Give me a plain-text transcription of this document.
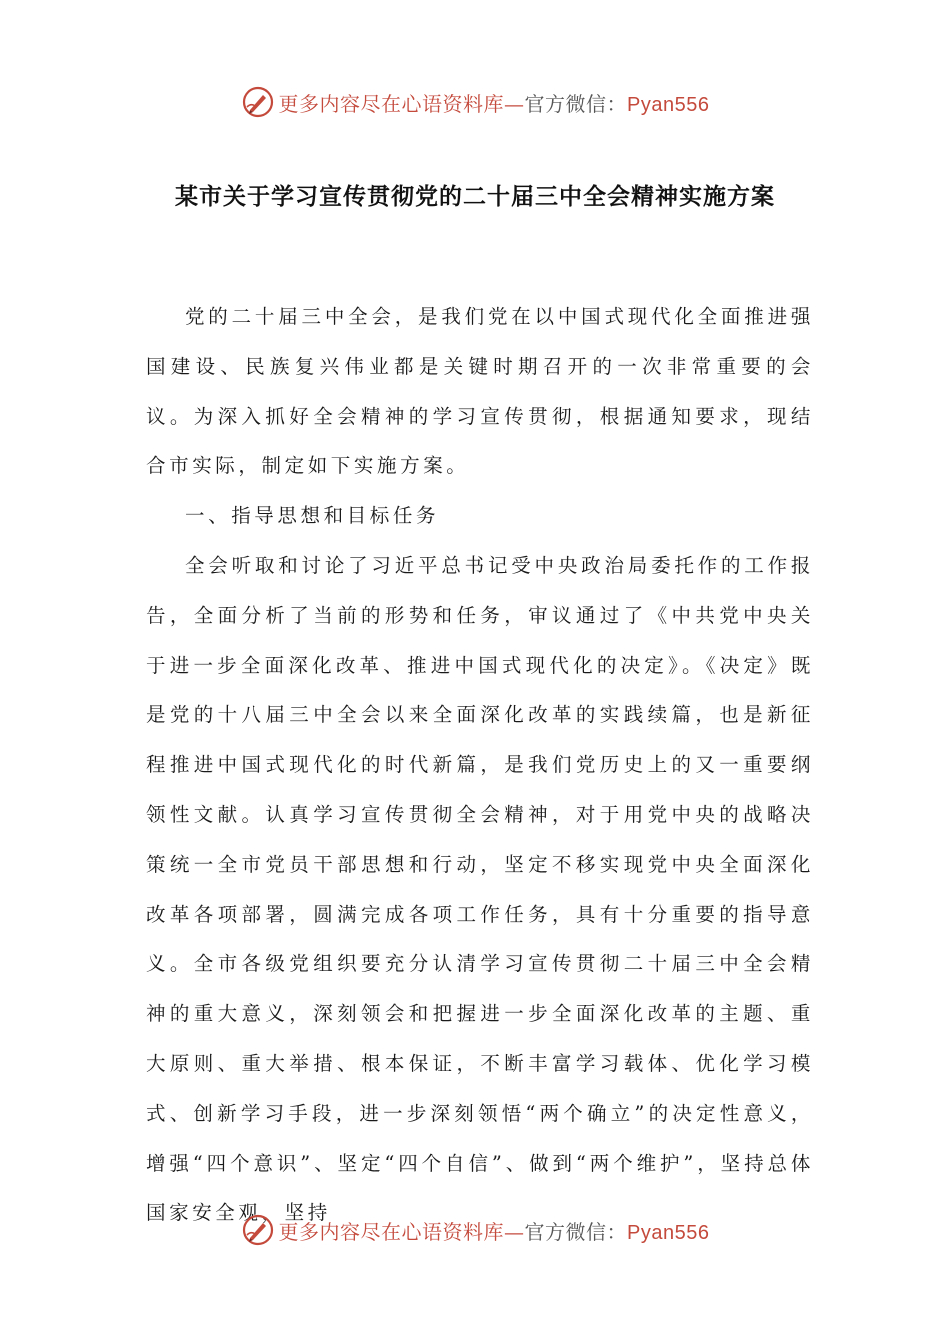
更多内容尽在心语资料库—官方微信：Pyan556
某市关于学习宣传贯彻党的二十届三中全会精神实施方案

党的二十届三中全会，是我们党在以中国式现代化全面推进强国建设、民族复兴伟业都是关键时期召开的一次非常重要的会议。为深入抓好全会精神的学习宣传贯彻，根据通知要求，现结合市实际，制定如下实施方案。

一、指导思想和目标任务

全会听取和讨论了习近平总书记受中央政治局委托作的工作报告，全面分析了当前的形势和任务，审议通过了《中共党中央关于进一步全面深化改革、推进中国式现代化的决定》。《决定》既是党的十八届三中全会以来全面深化改革的实践续篇，也是新征程推进中国式现代化的时代新篇，是我们党历史上的又一重要纲领性文献。认真学习宣传贯彻全会精神，对于用党中央的战略决策统一全市党员干部思想和行动，坚定不移实现党中央全面深化改革各项部署，圆满完成各项工作任务，具有十分重要的指导意义。全市各级党组织要充分认清学习宣传贯彻二十届三中全会精神的重大意义，深刻领会和把握进一步全面深化改革的主题、重大原则、重大举措、根本保证，不断丰富学习载体、优化学习模式、创新学习手段，进一步深刻领悟“两个确立”的决定性意义，增强“四个意识”、坚定“四个自信”、做到“两个维护”，坚持总体国家安全观，坚持

更多内容尽在心语资料库—官方微信：Pyan556
